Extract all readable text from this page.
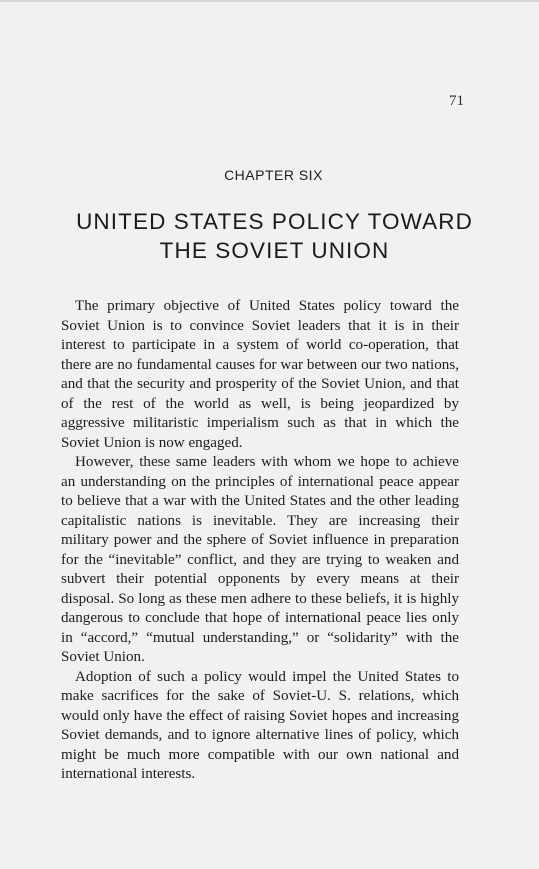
71
CHAPTER SIX
UNITED STATES POLICY TOWARD
THE SOVIET UNION

The primary objective of United States policy toward the Soviet Union is to convince Soviet leaders that it is in their interest to participate in a system of world co-operation, that there are no fundamental causes for war between our two nations, and that the security and prosperity of the Soviet Union, and that of the rest of the world as well, is being jeopardized by aggressive militaristic imperialism such as that in which the Soviet Union is now engaged.

However, these same leaders with whom we hope to achieve an understanding on the principles of international peace appear to believe that a war with the United States and the other leading capitalistic nations is inevitable. They are increasing their military power and the sphere of Soviet influence in preparation for the “inevitable” conflict, and they are trying to weaken and subvert their potential opponents by every means at their disposal. So long as these men adhere to these beliefs, it is highly dangerous to conclude that hope of international peace lies only in “accord,” “mutual understanding,” or “solidarity” with the Soviet Union.

Adoption of such a policy would impel the United States to make sacrifices for the sake of Soviet-U. S. relations, which would only have the effect of raising Soviet hopes and increasing Soviet demands, and to ignore alternative lines of policy, which might be much more compatible with our own national and international interests.
